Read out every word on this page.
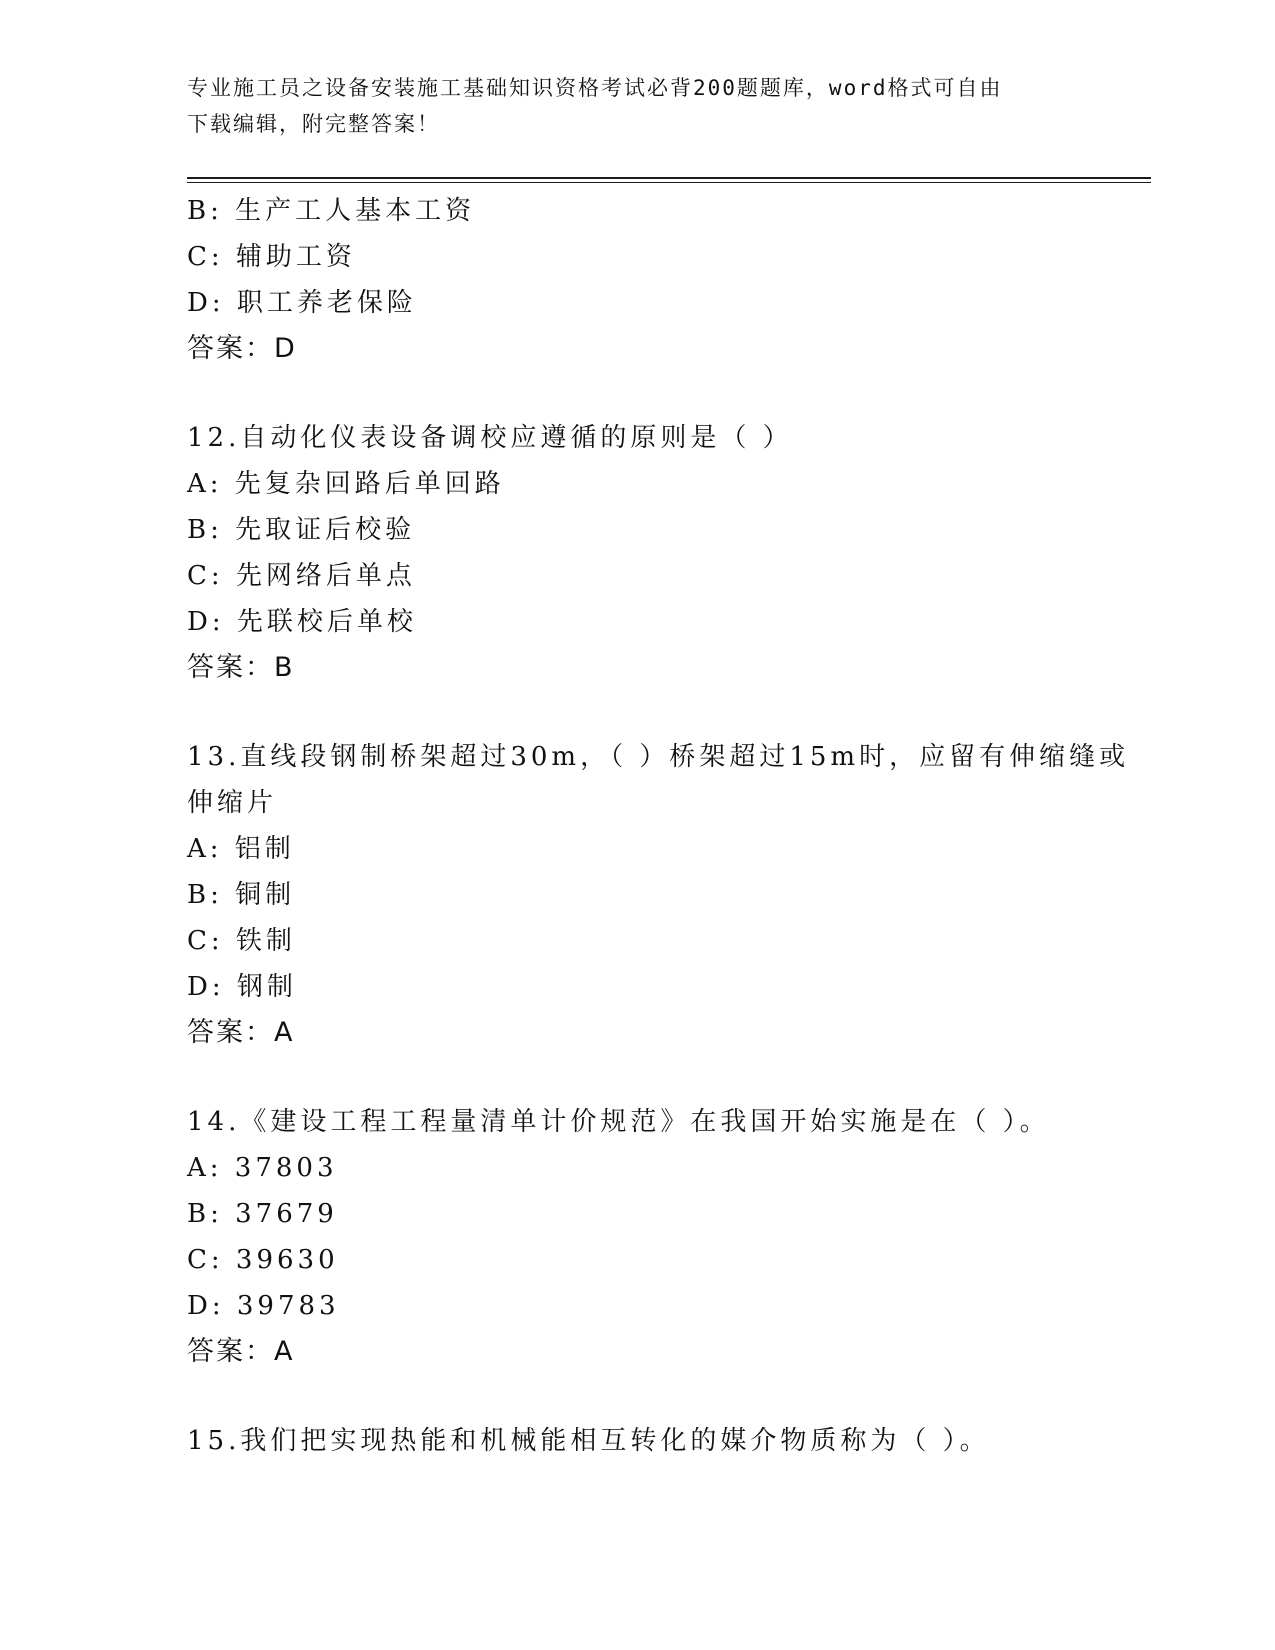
专业施工员之设备安装施工基础知识资格考试必背200题题库，word格式可自由
下载编辑，附完整答案！
B: 生产工人基本工资
C: 辅助工资
D: 职工养老保险
答案：D
12.自动化仪表设备调校应遵循的原则是（ ）
A: 先复杂回路后单回路
B: 先取证后校验
C: 先网络后单点
D: 先联校后单校
答案：B
13.直线段钢制桥架超过30m，（ ）桥架超过15m时，应留有伸缩缝或
伸缩片
A: 铝制
B: 铜制
C: 铁制
D: 钢制
答案：A
14.《建设工程工程量清单计价规范》在我国开始实施是在（ ）。
A: 37803
B: 37679
C: 39630
D: 39783
答案：A
15.我们把实现热能和机械能相互转化的媒介物质称为（ ）。
